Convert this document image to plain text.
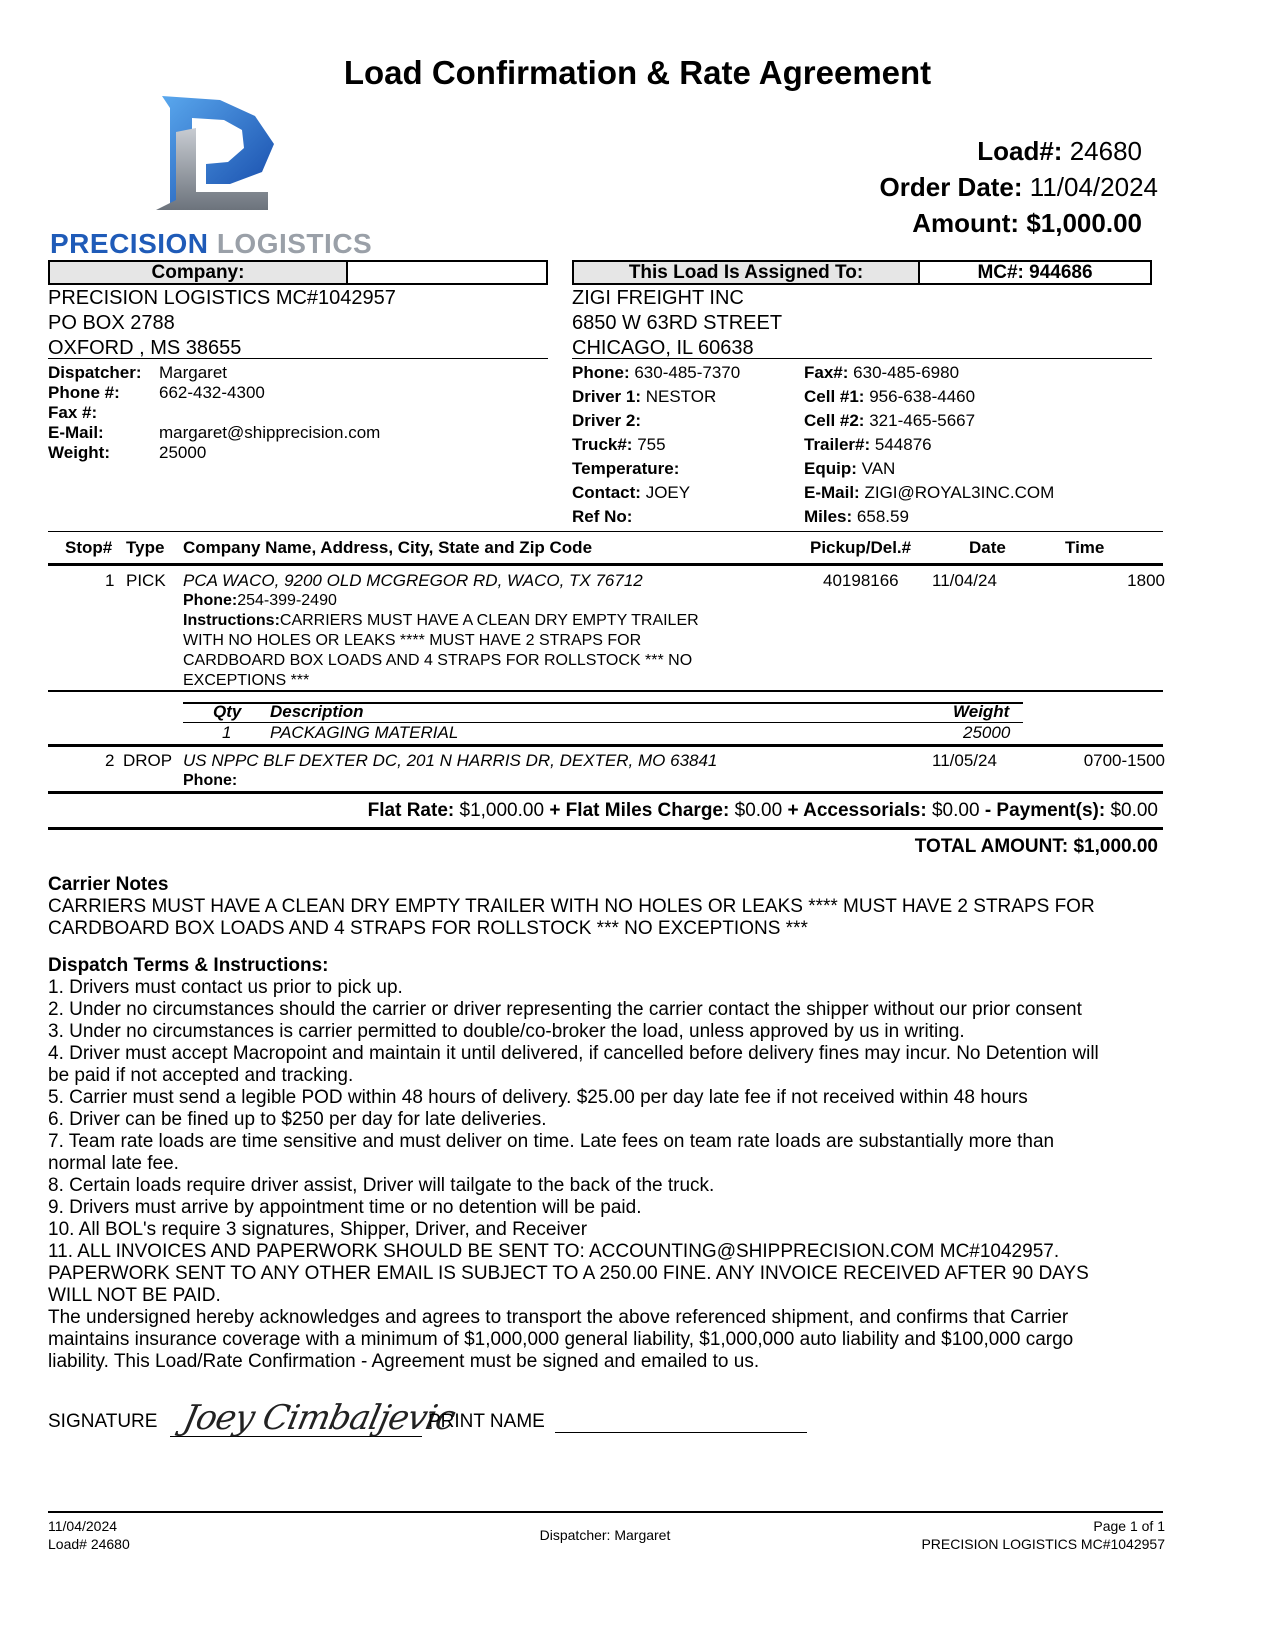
Load Confirmation & Rate Agreement
PRECISION LOGISTICS
Load#: 24680
Order Date: 11/04/2024
Amount: $1,000.00
Company:
PRECISION LOGISTICS MC#1042957
PO BOX 2788
OXFORD , MS 38655
Dispatcher: Margaret
Phone #: 662-432-4300
Fax #:
E-Mail:	margaret@shipprecision.com
Weight:	25000
This Load Is Assigned To:	MC#: 944686
ZIGI FREIGHT INC
6850 W 63RD STREET
CHICAGO, IL 60638
Phone: 630-485-7370
Driver 1: NESTOR
Driver 2:
Truck#: 755
Temperature:
Contact: JOEY
Ref No:
Fax#: 630-485-6980
Cell #1: 956-638-4460
Cell #2: 321-465-5667
Trailer#: 544876
Equip: VAN
E-Mail: ZIGI@ROYAL3INC.COM
Miles: 658.59
Stop# Type Company Name, Address, City, State and Zip Code	Pickup/Del.#	Date	Time
1 PICK PCA WACO, 9200 OLD MCGREGOR RD, WACO, TX 76712	40198166 11/04/24	1800
Phone:254-399-2490
Instructions:CARRIERS MUST HAVE A CLEAN DRY EMPTY TRAILER
WITH NO HOLES OR LEAKS **** MUST HAVE 2 STRAPS FOR
CARDBOARD BOX LOADS AND 4 STRAPS FOR ROLLSTOCK *** NO
EXCEPTIONS ***
Qty Description	Weight
1 PACKAGING MATERIAL	25000
2 DROP US NPPC BLF DEXTER DC, 201 N HARRIS DR, DEXTER, MO 63841	11/05/24	0700-1500
Phone:
Flat Rate: $1,000.00 + Flat Miles Charge: $0.00 + Accessorials: $0.00 - Payment(s): $0.00
TOTAL AMOUNT: $1,000.00

Carrier Notes

CARRIERS MUST HAVE A CLEAN DRY EMPTY TRAILER WITH NO HOLES OR LEAKS **** MUST HAVE 2 STRAPS FOR

CARDBOARD BOX LOADS AND 4 STRAPS FOR ROLLSTOCK *** NO EXCEPTIONS ***

Dispatch Terms & Instructions:

1. Drivers must contact us prior to pick up.

2. Under no circumstances should the carrier or driver representing the carrier contact the shipper without our prior consent

3. Under no circumstances is carrier permitted to double/co-broker the load, unless approved by us in writing.

4. Driver must accept Macropoint and maintain it until delivered, if cancelled before delivery fines may incur. No Detention will

be paid if not accepted and tracking.

5. Carrier must send a legible POD within 48 hours of delivery. $25.00 per day late fee if not received within 48 hours

6. Driver can be fined up to $250 per day for late deliveries.

7. Team rate loads are time sensitive and must deliver on time. Late fees on team rate loads are substantially more than

normal late fee.

8. Certain loads require driver assist, Driver will tailgate to the back of the truck.

9. Drivers must arrive by appointment time or no detention will be paid.

10. All BOL's require 3 signatures, Shipper, Driver, and Receiver

11. ALL INVOICES AND PAPERWORK SHOULD BE SENT TO: ACCOUNTING@SHIPPRECISION.COM MC#1042957.

PAPERWORK SENT TO ANY OTHER EMAIL IS SUBJECT TO A 250.00 FINE. ANY INVOICE RECEIVED AFTER 90 DAYS

WILL NOT BE PAID.

The undersigned hereby acknowledges and agrees to transport the above referenced shipment, and confirms that Carrier

maintains insurance coverage with a minimum of $1,000,000 general liability, $1,000,000 auto liability and $100,000 cargo

liability. This Load/Rate Confirmation - Agreement must be signed and emailed to us.

SIGNATURE Joey Cimbaljevic
PRINT NAME
11/04/2024
Load# 24680
Dispatcher: Margaret
Page 1 of 1
PRECISION LOGISTICS MC#1042957
